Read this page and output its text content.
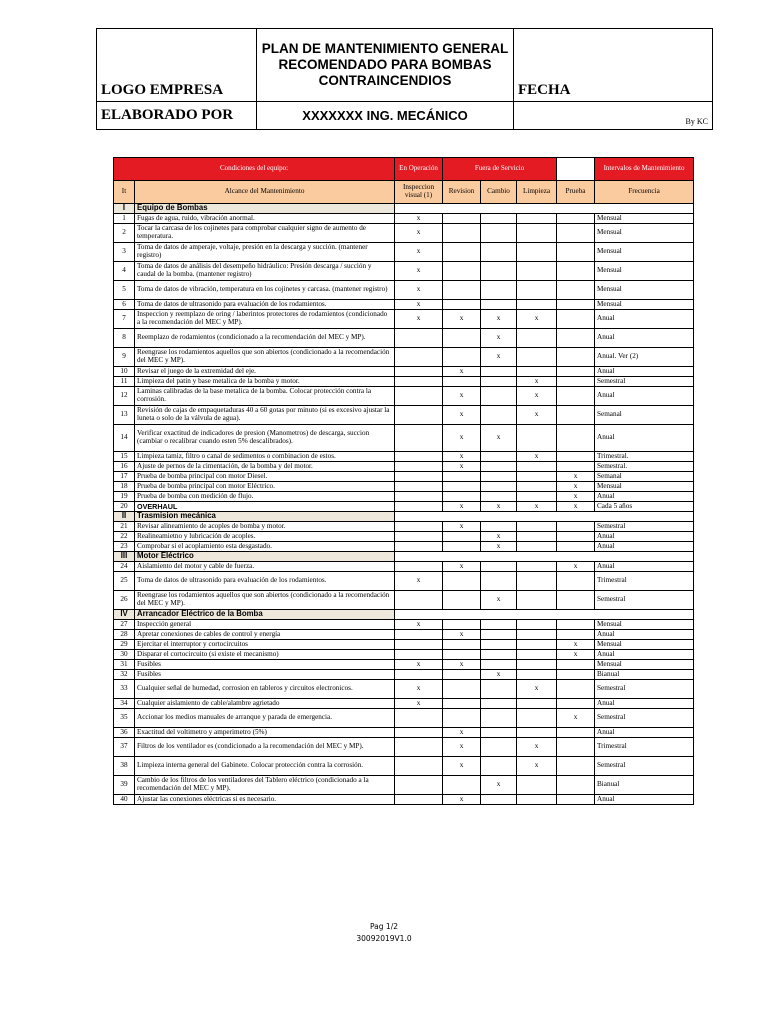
LOGO EMPRESA	PLAN DE MANTENIMIENTO GENERAL
RECOMENDADO PARA BOMBAS
CONTRAINCENDIOS	FECHA
ELABORADO POR	XXXXXXX ING. MECÁNICO	By KC
Condiciones del equipo:		En Operación	Fuera de Servicio				Intervalos de Mantenimiento
It	Alcance del Mantenimiento	Inspeccion visual (1)	Revision	Cambio	Limpieza	Prueba	Frecuencia
I	Equipo de Bombas						
1	Fugas de agua, ruido, vibración anormal.	x					Mensual
2	Tocar la carcasa de los cojinetes para comprobar cualquier signo de aumento de temperatura.	x					Mensual
3	Toma de datos de amperaje, voltaje, presión en la descarga y succión. (mantener registro)	x					Mensual
4	Toma de datos de análisis del desempeño hidráulico: Presión descarga / succión y caudal de la bomba. (mantener registro)	x					Mensual
5	Toma de datos de vibración, temperatura en los cojinetes y carcasa. (mantener registro)	x					Mensual
6	Toma de datos de ultrasonido para evaluación de los rodamientos.	x					Mensual
7	Inspeccion y reemplazo de oring / laberintos protectores de rodamientos (condicionado a la recomendación del MEC y MP).	x	x	x	x		Anual
8	Reemplazo de rodamientos (condicionado a la recomendación del MEC y MP).			x			Anual
9	Reengrase los rodamientos aquellos que son abiertos (condicionado a la recomendación del MEC y MP).			x			Anual. Ver (2)
10	Revisar el juego de la extremidad del eje.		x				Anual
11	Limpieza del patin y base metalica de la bomba y motor.				x		Semestral
12	Laminas calibradas de la base metalica de la bomba. Colocar protección contra la corrosión.		x		x		Anual
13	Revisión de cajas de empaquetaduras 40 a 60 gotas por minuto (si es excesivo ajustar la luneta o solo de la válvula de agua).		x		x		Semanal
14	Verificar exactitud de indicadores de presion (Manometros) de descarga, succion (cambiar o recalibrar cuando esten 5% descalibrados).		x	x			Anual
15	Limpieza tamiz, filtro o canal de sedimentos o combinacion de estos.		x		x		Trimestral.
16	Ajuste de pernos de la cimentación, de la bomba y del motor.		x				Semestral.
17	Prueba de bomba principal con motor Diesel.					x	Semanal
18	Prueba de bomba principal con motor Eléctrico.					x	Mensual
19	Prueba de bomba con medición de flujo.					x	Anual
20	OVERHAUL		x	x	x	x	Cada 5 años
II	Trasmision mecánica						
21	Revisar alineamiento de acoples de bomba y motor.		x				Semestral
22	Realineamietno y lubricación de acoples.			x			Anual
23	Comprobar si el acoplamiento esta desgastado.			x			Anual
III	Motor Eléctrico						
24	Aislamiento del motor y cable de fuerza.		x			x	Anual
25	Toma de datos de ultrasonido para evaluación de los rodamientos.	x					Trimestral
26	Reengrase los rodamientos aquellos que son abiertos (condicionado a la recomendación del MEC y MP).			x			Semestral
IV	Arrancador Eléctrico de la Bomba						
27	Inspección general	x					Mensual
28	Apretar conexiones de cables de control y energía		x				Anual
29	Ejercitar el interruptor y cortocircuitos					x	Mensual
30	Disparar el cortocircuito (si existe el mecanismo)					x	Anual
31	Fusibles	x	x				Mensual
32	Fusibles			x			Bianual
33	Cualquier señal de humedad, corrosion en tableros y circuitos electronicos.	x			x		Semestral
34	Cualquier aislamiento de cable/alambre agrietado	x					Anual
35	Accionar los medios manuales de arranque y parada de emergencia.					x	Semestral
36	Exactitud del voltimetro y amperimetro (5%)		x				Anual
37	Filtros de los ventilador es (condicionado a la recomendación del MEC y MP).		x		x		Trimestral
38	Limpieza interna general del Gabinete. Colocar protección contra la corrosión.		x		x		Semestral
39	Cambio de los filtros de los ventiladores del Tablero eléctrico (condicionado a la recomendación del MEC y MP).			x			Bianual
40	Ajustar las conexiones eléctricas si es necesario.		x				Anual
Pag 1/2
30092019V1.0
